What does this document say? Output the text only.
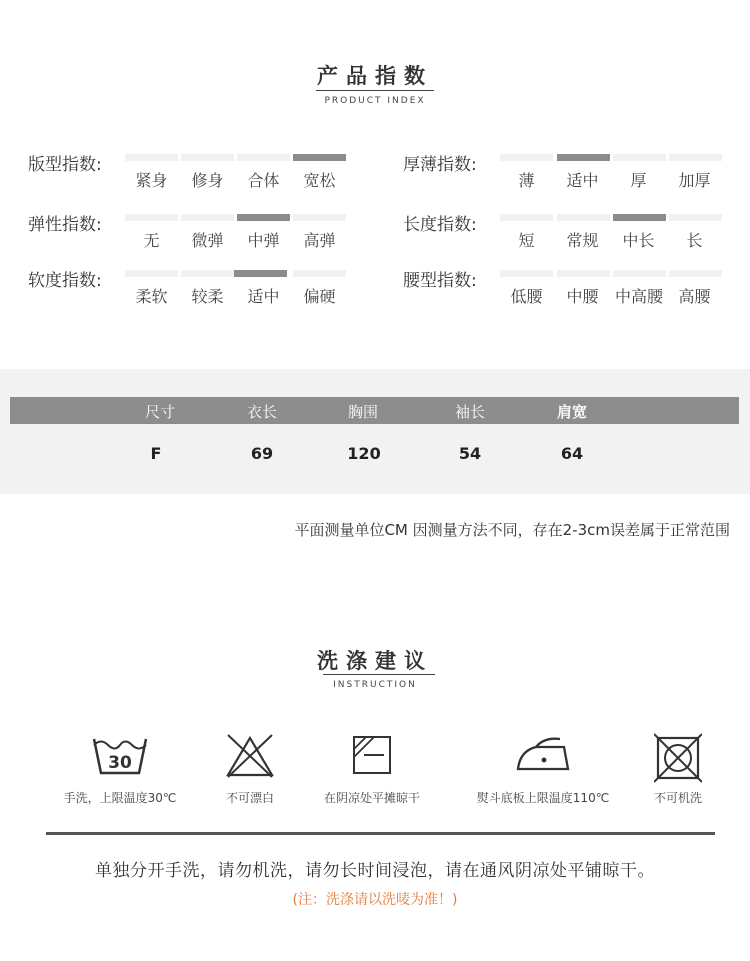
产品指数
PRODUCT INDEX
版型指数:
紧身	修身	合体	宽松
弹性指数:
无	微弹	中弹	高弹
软度指数:
柔软	较柔	适中	偏硬
厚薄指数:
薄	适中	厚	加厚
长度指数:
短	常规	中长	长
腰型指数:
低腰	中腰	中高腰 高腰
尺寸	衣长	胸围	袖长	肩宽
F	69	120	54	64
平面测量单位CM 因测量方法不同，存在2-3cm误差属于正常范围
洗涤建议
INSTRUCTION
30
手洗，上限温度30℃	不可漂白	在阴凉处平摊晾干	熨斗底板上限温度110℃	不可机洗
单独分开手洗，请勿机洗，请勿长时间浸泡，请在通风阴凉处平铺晾干。
(注：洗涤请以洗唛为准！)
